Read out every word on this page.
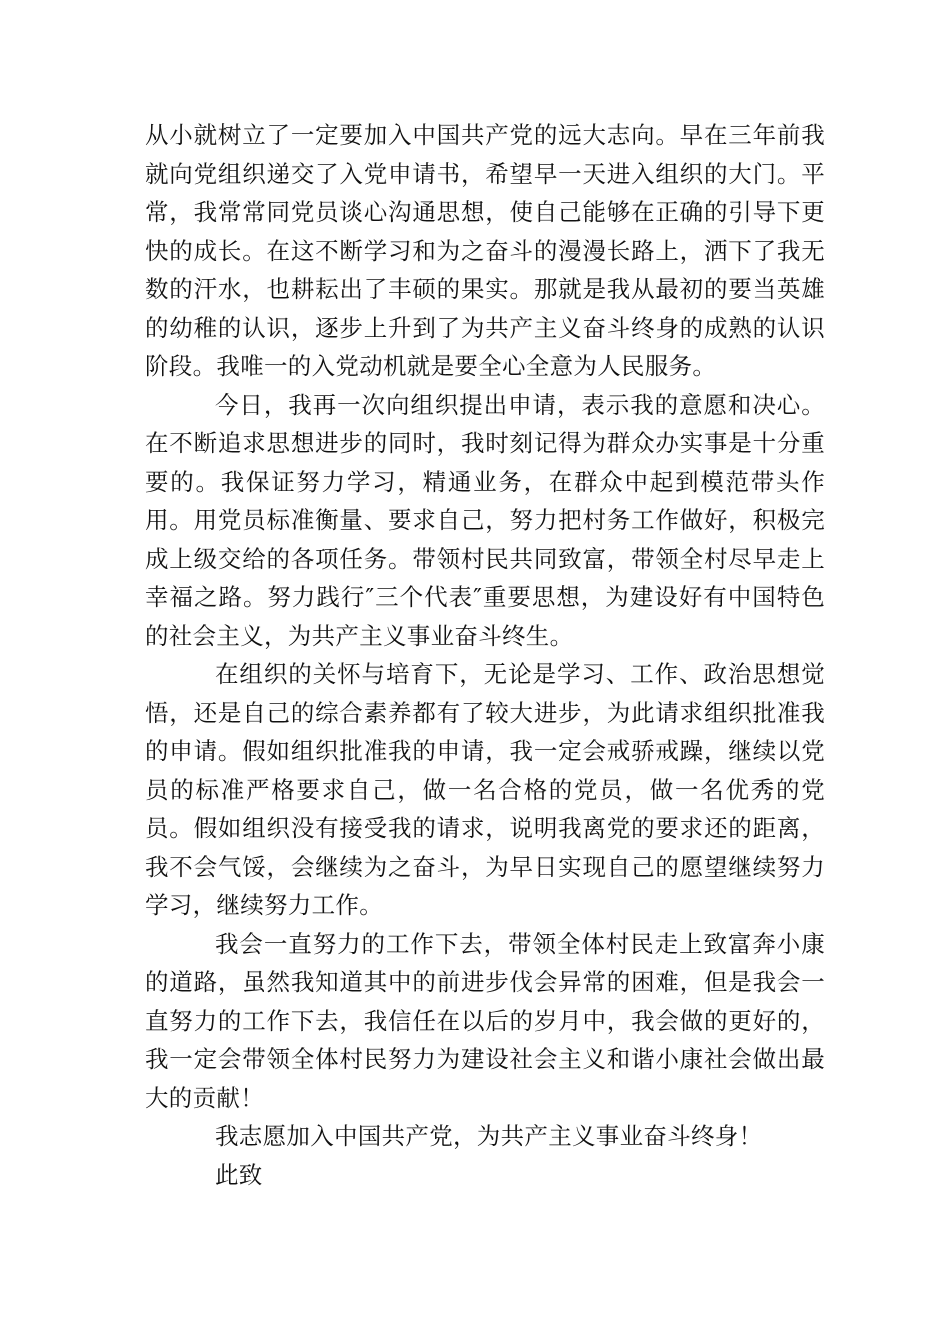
从小就树立了一定要加入中国共产党的远大志向。早在三年前我就向党组织递交了入党申请书，希望早一天进入组织的大门。平常，我常常同党员谈心沟通思想，使自己能够在正确的引导下更快的成长。在这不断学习和为之奋斗的漫漫长路上，洒下了我无数的汗水，也耕耘出了丰硕的果实。那就是我从最初的要当英雄的幼稚的认识，逐步上升到了为共产主义奋斗终身的成熟的认识阶段。我唯一的入党动机就是要全心全意为人民服务。

今日，我再一次向组织提出申请，表示我的意愿和决心。在不断追求思想进步的同时，我时刻记得为群众办实事是十分重要的。我保证努力学习，精通业务，在群众中起到模范带头作用。用党员标准衡量、要求自己，努力把村务工作做好，积极完成上级交给的各项任务。带领村民共同致富，带领全村尽早走上幸福之路。努力践行″三个代表″重要思想，为建设好有中国特色的社会主义，为共产主义事业奋斗终生。

在组织的关怀与培育下，无论是学习、工作、政治思想觉悟，还是自己的综合素养都有了较大进步，为此请求组织批准我的申请。假如组织批准我的申请，我一定会戒骄戒躁，继续以党员的标准严格要求自己，做一名合格的党员，做一名优秀的党员。假如组织没有接受我的请求，说明我离党的要求还的距离，我不会气馁，会继续为之奋斗，为早日实现自己的愿望继续努力学习，继续努力工作。

我会一直努力的工作下去，带领全体村民走上致富奔小康的道路，虽然我知道其中的前进步伐会异常的困难，但是我会一直努力的工作下去，我信任在以后的岁月中，我会做的更好的，我一定会带领全体村民努力为建设社会主义和谐小康社会做出最大的贡献！

我志愿加入中国共产党，为共产主义事业奋斗终身！

此致
